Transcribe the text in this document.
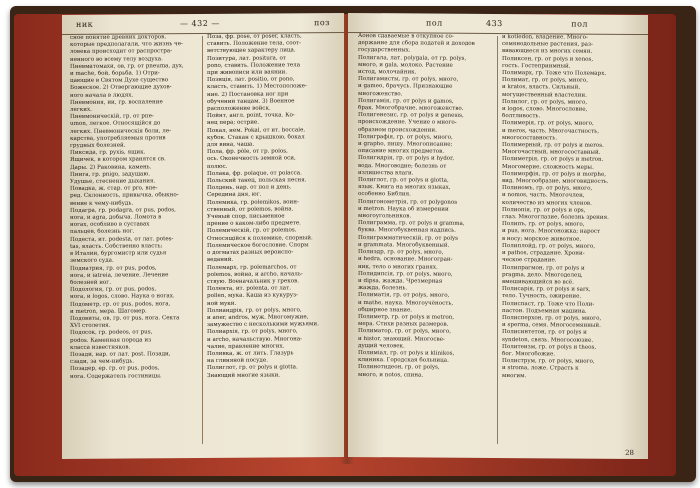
ник	— 432 —	поз
сное понятие древних докторов,
которые предполагали, что жизнь че-
ловека происходит от распростра-
ненного во всему телу воздуха.
Пневматомахи, ов, гр. от pneuma, дух,
и mache, бой, борьба. 1) Отри-
цающие в Святом Духе существо
Божеское. 2) Отвергающие духов-
ного начала в людях.
Пневмония, ии, гр. воспаление
легких.
Пневмоническій, гр. от рпе-
umon, легкое. Относящійся до
легких. Пневмоническія боли, ле-
карства, употребляемыя против
грудных болезней.
Пиксида, гр. рухis, ящик.
Ящичек, в котором хранятся св.
Дары. 2) Раковина, камень.
Пнига, гр. pnigo, задушаю.
Удушье, стеснение дыхания.
Повадка, ж. стар. от pro, впе-
ред. Склонность, привычка, обыкно-
вение к чему-нибудь.
Подагра, гр. podagra, от pus, podos,
нога, и agra, добыча. Ломота в
ногах, особливо в суставах
пальцев, болезнь ног.
Подеста, ит. podesta, от лат. potes-
tas, власть. Собственно власть;
в Италии, бургомистр или судья
земского суда.
Подиатрия, гр. от pus, podos,
нога, и iatreia, лечение. Лечение
болезней ног.
Подология, гр. от pus, podos,
нога, и logos, слово. Наука о ногах.
Подометр, гр. от pus, podos, нога,
и metron, мера. Шагомер.
Подовиты, ов, гр. от pus, нога. Секта
XVI столетия.
Подосок, гр. podeos, от pus,
podos. Каменная порода из
класса известняков.
Позади, нар. от лат. post. Позади,
сзади, за чем-нибудь.
Позадер, ер. гр. от pus, podos,
нога. Содержатель гостиницы.
Поза, фр. pose, от poser, класть,
ставить. Положение тела, соот-
ветствующее характеру лица.
Позитура, лат. positura, от
pono, ставить. Положение тела
при живописи или ваянии.
Позиція, лат. positio, от pono,
класть, ставить. 1) Местоположе-
ние. 2) Постановка ног при
обучении танцам. 3) Военное
расположение войск.
Пойнт, англ. point, точка. Ко-
нец пера; острие.
Покал, нем. Pokal, от ит. boccale,
кубок. Стакан с крышкою, бокал
для вина, чаша.
Пола, фр. pôle, от гр. polos,
ось. Оконечность земной оси,
полюс.
Полака, фр. polaque, от polacca.
Польский танец, польская песня.
Полдень, нар. от пол и день.
Середина дня, юг.
Полемика, гр. polemikos, воин-
ственный, от polemos, война.
Ученый спор, письменное
прение о каком-либо предмете.
Полемическій, гр. от polemos.
Относящійся к полемике, спорный.
Полемическое богословие. Споры
о догматах разных вероиспо-
веданий.
Полемарх, гр. polemarchos, от
polemos, война, и archo, началь-
ствую. Военачальник у греков.
Полента, ит. polenta, от лат.
pollen, мука. Каша из кукуруз-
ной муки.
Полиандрія, гр. от polys, много,
и aner, andros, муж. Многомужие,
замужество с несколькими мужьями.
Полиархія, гр. от polys, много,
и archo, начальствую. Многона-
чалие, правление многих.
Поливка, ж. от лить. Глазурь
на глиняной посуде.
Полиглот, гр. от polys и glotta.
Знающий многие языки.
пол	433	пол
Аонов сдаваемые в откупное со-
держание для сбора податей и доходов
государственных.
Полигала, лат. polygala, от гр. polys,
много, и gala, молоко. Растение
истод, молочайник.
Полигамисты, гр. от polys, много,
и gameo, брачусь. Признающие
многоженство.
Полигамія, гр. от polys и gamos,
брак. Многобрачие, многоженство.
Полигенезис, гр. от polys и genesis,
происхождение. Учение о много-
образном происхождении.
Полиграфія, гр. от polys, много,
и grapho, пишу. Многописание;
описание многих предметов.
Полигидрія, гр. от polys и hydor,
вода. Многоводие; болезнь от
излишества влаги.
Полиглот, гр. от polys и glotta,
язык. Книга на многих языках,
особенно Библия.
Полигонометрія, гр. от polygonos
и metron. Наука об измерении
многоугольников.
Полиграмма, гр. от polys и gramma,
буква. Многобуквенная надпись.
Полиграмматическій, гр. от polys
и grammata. Многобуквенный.
Полиэдр, гр. от polys, много,
и hedra, основание. Многогран-
ник, тело о многих гранях.
Полидипсія, гр. от polys, много,
и dipsa, жажда. Чрезмерная
жажда, болезнь.
Полиматія, гр. от polys, много,
и mathe, наука. Многоучёность,
обширное знание.
Полиметр, гр. от polys и metron,
мера. Стихи разных размеров.
Полиматор, гр. от polys, много,
и histor, знающий. Многосве-
дущий человек.
Полиміал, гр. от polys и klinikos,
клиника. Городская больница.
Полинотидеон, гр. от polys,
много, и notos, спина.
и kotledon, владение. Много-
семянодольные растения, раз-
вивающиеся из многих семян.
Поликсен, гр. от polys и xenos,
гость. Гостеприимный.
Полимарх, гр. Тоже что Полемарх.
Полимат, гр. от polys, много,
и kratos, власть. Сильный,
могущественный властелин.
Полилог, гр. от polys, много,
и logos, слово. Многословие,
болтливость.
Полимерія, гр. от polys, много,
и meros, часть. Многочастность,
многосоставность.
Полимерный, гр. от polys и meros.
Многочастный, многосоставный.
Полиметрія, гр. от polys и metron.
Многомерие, сложность меры.
Полиморфія, гр. от polys и morphe,
вид. Многообразие, многовидность.
Полиномъ, гр. от polys, много,
и nomos, часть. Многочлен,
количество из многих членов.
Полиопія, гр. от polys и ops,
глаз. Многоглазие, болезнь зрения.
Полипъ, гр. от polys, много,
и pus, нога. Многоножка; нарост
в носу; морское животное.
Полиплойд, гр. от polys, много,
и pathos, страдание. Хрони-
ческое страдание.
Полипрагмон, гр. от polys и
pragma, дело. Многоделец,
вмешивающийся во всё.
Полисарія, гр. от polys и sarx,
тело. Тучность, ожирение.
Полиспаст, гр. Тоже что Поли-
пастон. Подъемная машина.
Полисперхон, гр. от polys, много,
и sperma, семя. Многосемянный.
Полисинтетон, гр. от polys и
syndeton, связь. Многосоюзие.
Политеизм, гр. от polys и theos,
бог. Многобожие.
Полиструм, гр. от polys, много,
и stroma, ложе. Страсть к
многим.
28
